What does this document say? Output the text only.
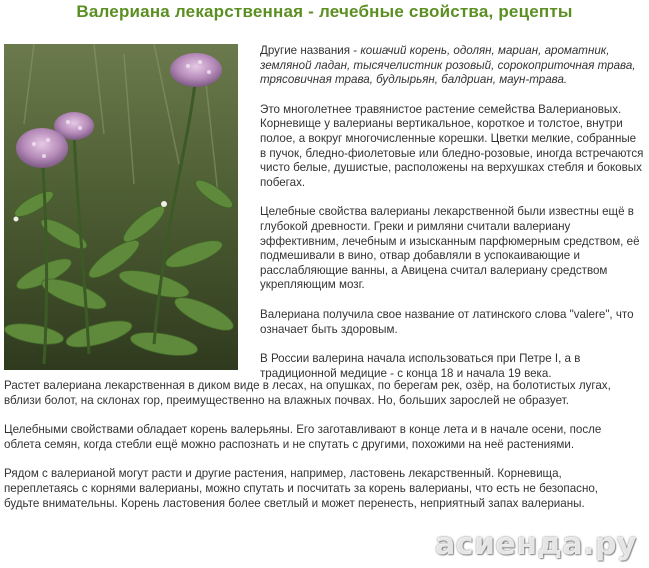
Валериана лекарственная - лечебные свойства, рецепты

Другие названия - кошачий корень, одолян, мариан, ароматник, земляной ладан, тысячелистник розовый, сорокоприточная трава, трясовичная трава, будлырьян, балдриан, маун-трава.

Это многолетнее травянистое растение семейства Валериановых. Корневище у валерианы вертикальное, короткое и толстое, внутри полое, а вокруг многочисленные корешки. Цветки мелкие, собранные в пучок, бледно-фиолетовые или бледно-розовые, иногда встречаются чисто белые, душистые, расположены на верхушках стебля и боковых побегах.

Целебные свойства валерианы лекарственной были известны ещё в глубокой древности. Греки и римляни считали валериану эффективним, лечебным и изысканным парфюмерным средством, её подмешивали в вино, отвар добавляли в успокаивающие и расслабляющие ванны, а Авицена считал валериану средством укрепляющим мозг.

Валериана получила свое название от латинского слова "valere", что означает быть здоровым.

В России валерина начала использоваться при Петре I, а в традиционной медицие - с конца 18 и начала 19 века.

Растет валериана лекарственная в диком виде в лесах, на опушках, по берегам рек, озёр, на болотистых лугах, вблизи болот, на склонах гор, преимущественно на влажных почвах. Но, больших зарослей не образует.

Целебными свойствами обладает корень валерьяны. Его заготавливают в конце лета и в начале осени, после облета семян, когда стебли ещё можно распознать и не спутать с другими, похожими на неё растениями.

Рядом с валерианой могут расти и другие растения, например, ластовень лекарственный. Корневища, переплетаясь с корнями валерианы, можно спутать и посчитать за корень валерианы, что есть не безопасно, будьте внимательны. Корень ластовения более светлый и может перенесть, неприятный запах валерианы.

асиенда.ру
